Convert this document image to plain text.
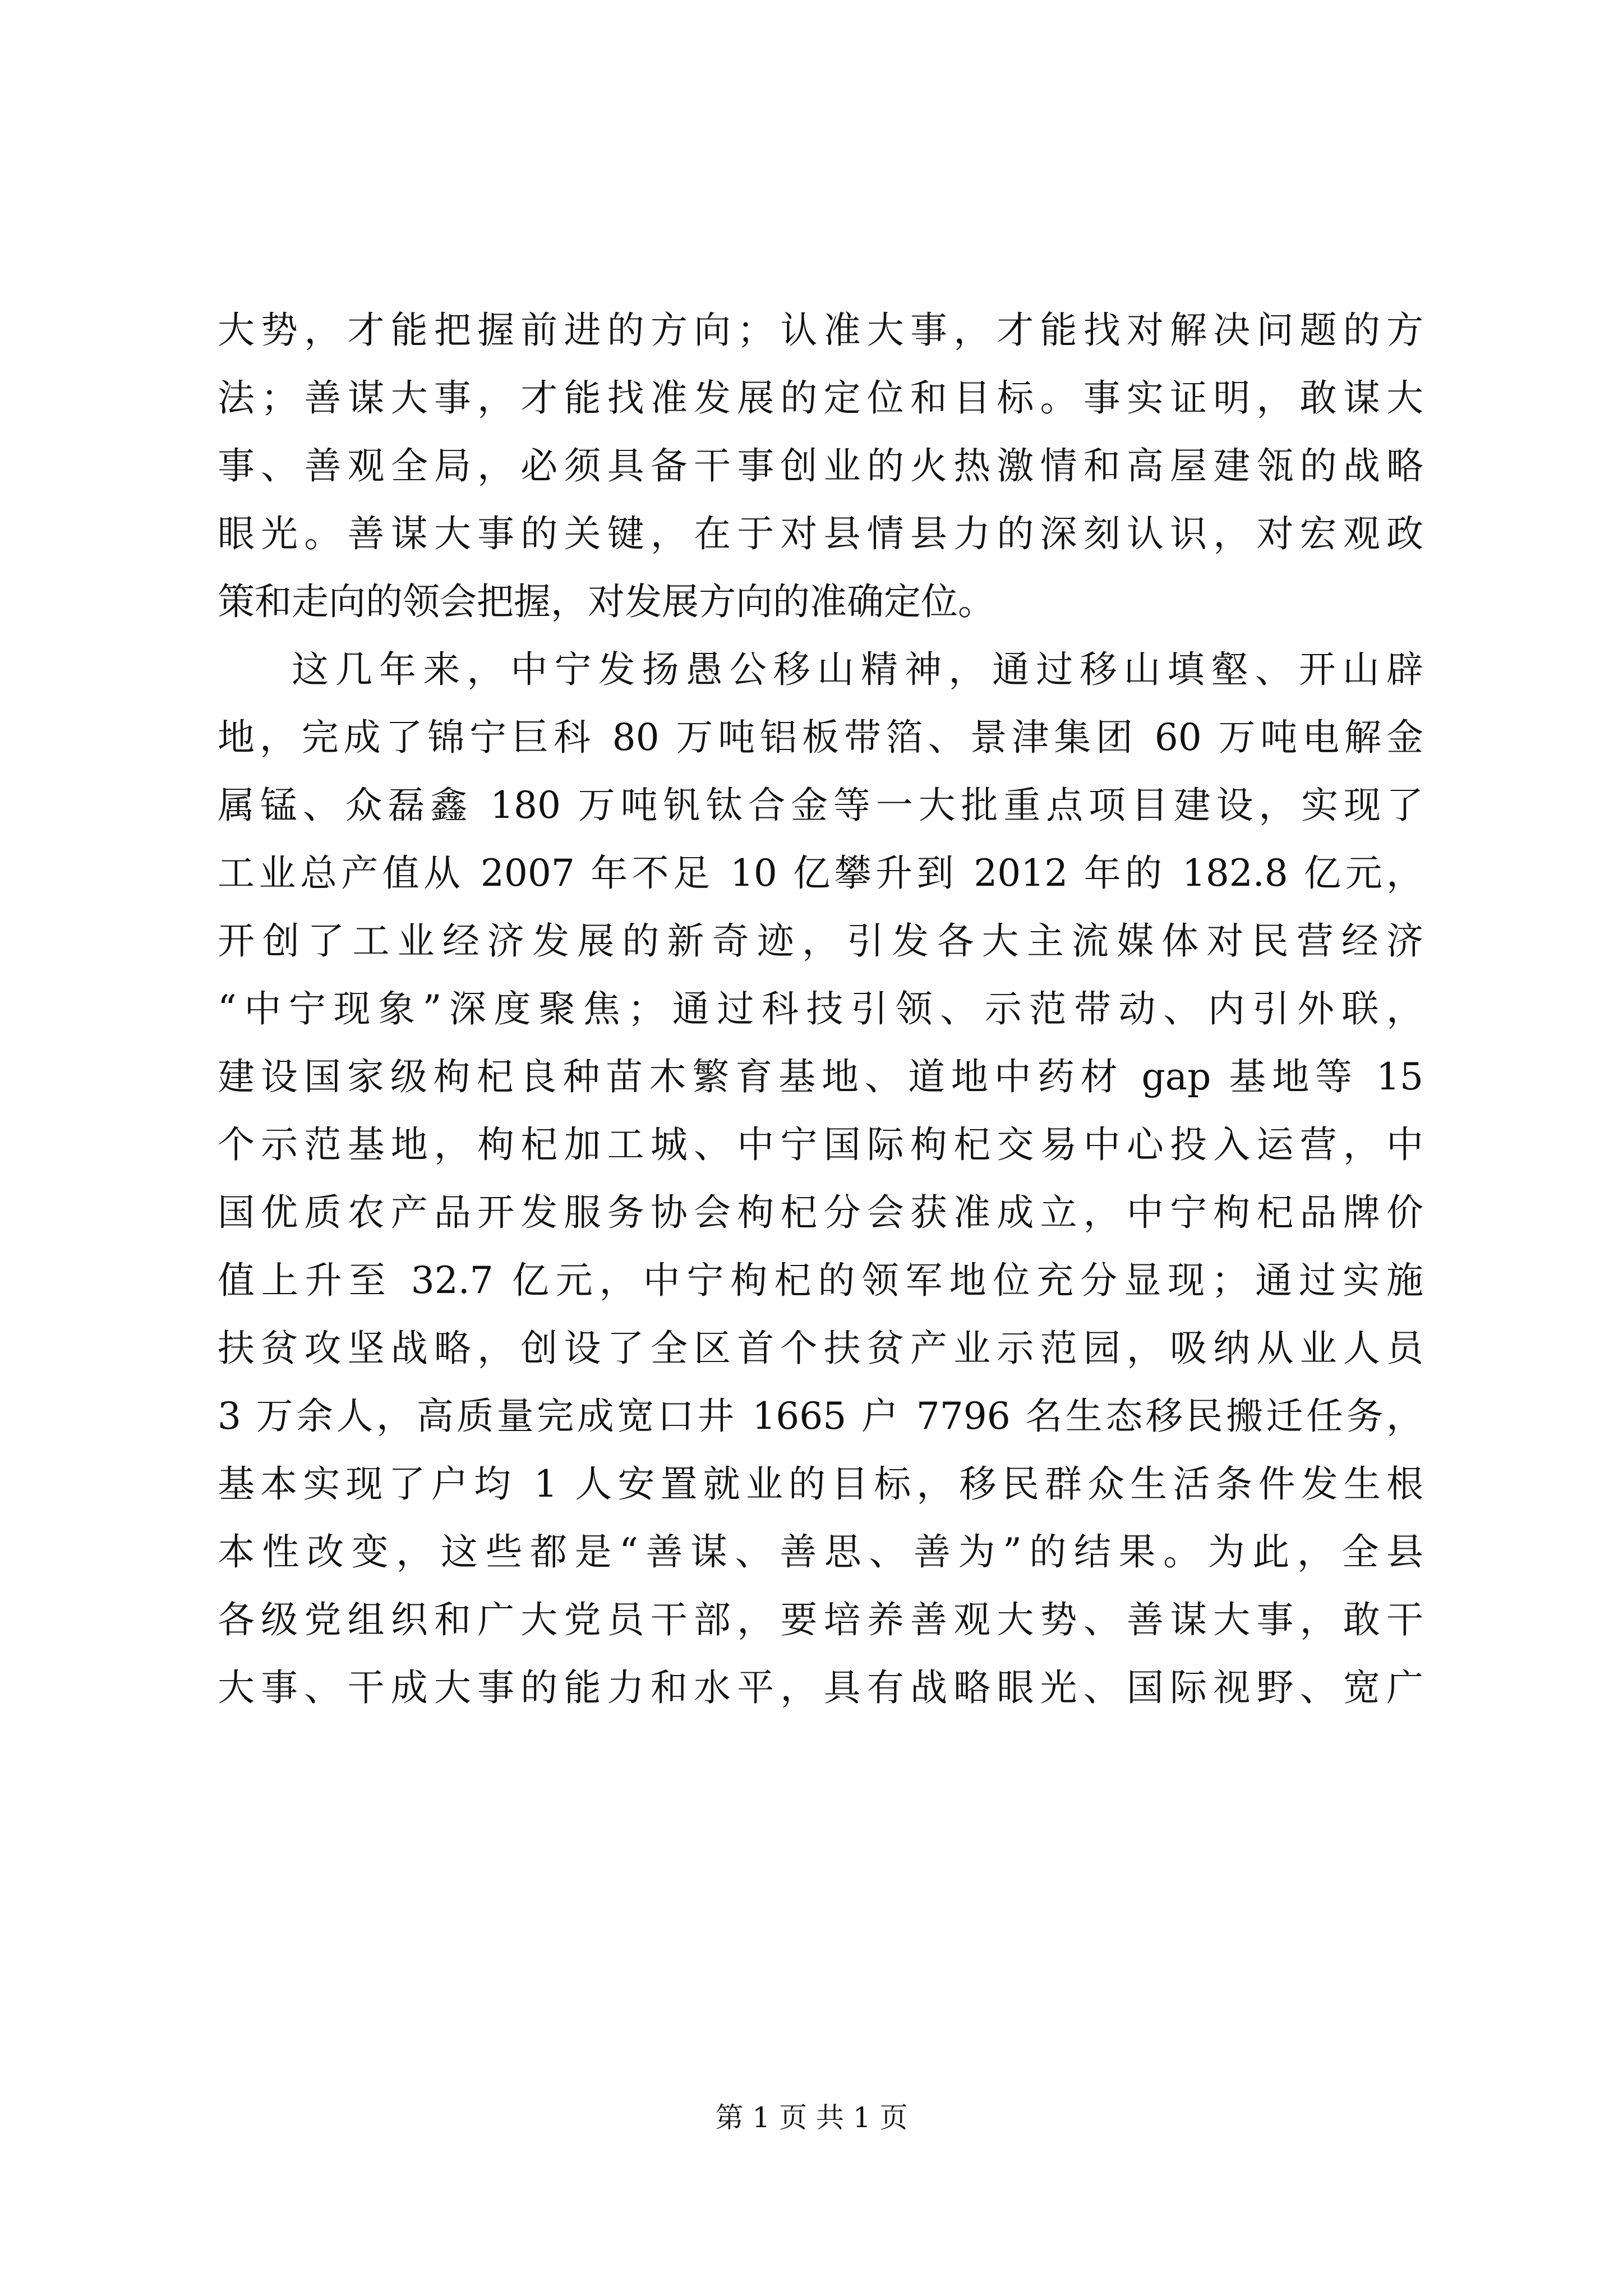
大势，才能把握前进的方向；认准大事，才能找对解决问题的方
法；善谋大事，才能找准发展的定位和目标。事实证明，敢谋大
事、善观全局，必须具备干事创业的火热激情和高屋建瓴的战略
眼光。善谋大事的关键，在于对县情县力的深刻认识，对宏观政
策和走向的领会把握，对发展方向的准确定位。
这几年来，中宁发扬愚公移山精神，通过移山填壑、开山辟
地，完成了锦宁巨科 80 万吨铝板带箔、景津集团 60 万吨电解金
属锰、众磊鑫 180 万吨钒钛合金等一大批重点项目建设，实现了
工业总产值从 2007 年不足 10 亿攀升到 2012 年的 182.8 亿元，
开创了工业经济发展的新奇迹，引发各大主流媒体对民营经济
“中宁现象”深度聚焦；通过科技引领、示范带动、内引外联，
建设国家级枸杞良种苗木繁育基地、道地中药材 gap 基地等 15
个示范基地，枸杞加工城、中宁国际枸杞交易中心投入运营，中
国优质农产品开发服务协会枸杞分会获准成立，中宁枸杞品牌价
值上升至 32.7 亿元，中宁枸杞的领军地位充分显现；通过实施
扶贫攻坚战略，创设了全区首个扶贫产业示范园，吸纳从业人员
3 万余人，高质量完成宽口井 1665 户 7796 名生态移民搬迁任务，
基本实现了户均 1 人安置就业的目标，移民群众生活条件发生根
本性改变，这些都是“善谋、善思、善为”的结果。为此，全县
各级党组织和广大党员干部，要培养善观大势、善谋大事，敢干
大事、干成大事的能力和水平，具有战略眼光、国际视野、宽广
第 1 页 共 1 页
